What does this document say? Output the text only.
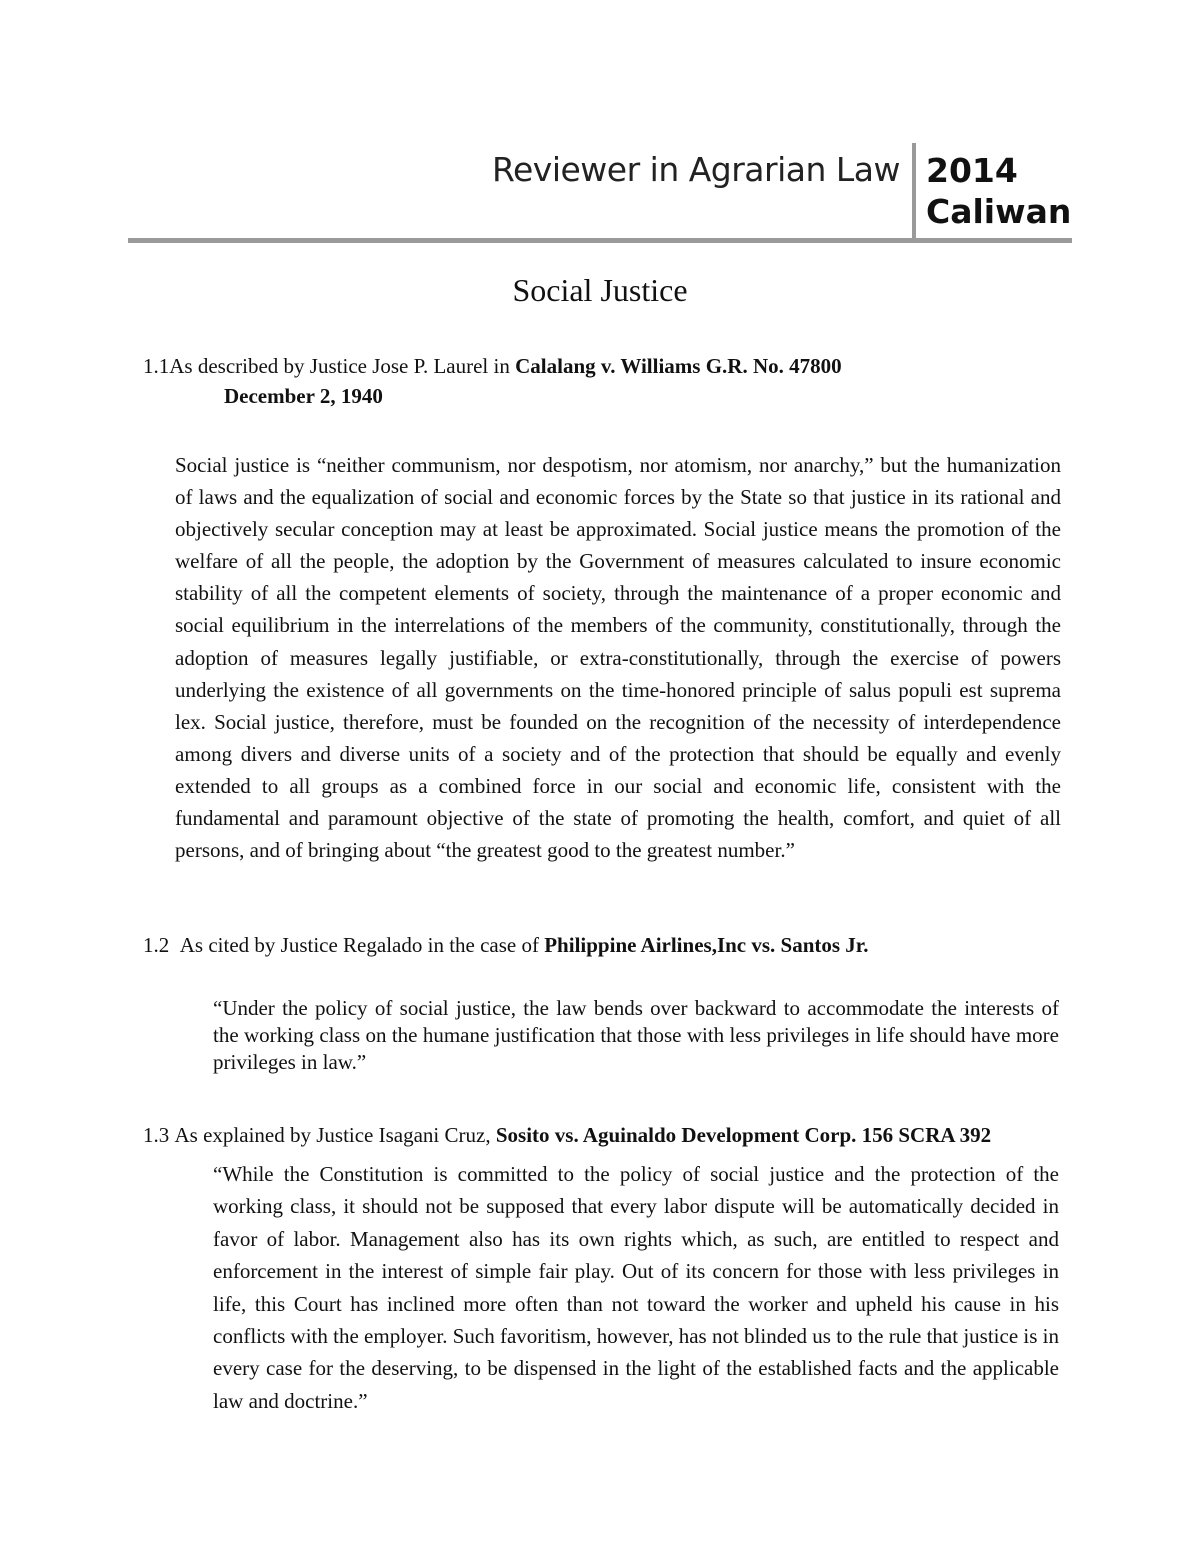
Reviewer in Agrarian Law 2014
Caliwan
Social Justice
1.1As described by Justice Jose P. Laurel in Calalang v. Williams G.R. No. 47800
December 2, 1940
Social justice is “neither communism, nor despotism, nor atomism, nor anarchy,” but the humanization of laws and the equalization of social and economic forces by the State so that justice in its rational and objectively secular conception may at least be approximated. Social justice means the promotion of the welfare of all the people, the adoption by the Government of measures calculated to insure economic stability of all the competent elements of society, through the maintenance of a proper economic and social equilibrium in the interrelations of the members of the community, constitutionally, through the adoption of measures legally justifiable, or extra-constitutionally, through the exercise of powers underlying the existence of all governments on the time-honored principle of salus populi est suprema lex. Social justice, therefore, must be founded on the recognition of the necessity of interdependence among divers and diverse units of a society and of the protection that should be equally and evenly extended to all groups as a combined force in our social and economic life, consistent with the fundamental and paramount objective of the state of promoting the health, comfort, and quiet of all persons, and of bringing about “the greatest good to the greatest number.”
1.2 As cited by Justice Regalado in the case of Philippine Airlines,Inc vs. Santos Jr.
“Under the policy of social justice, the law bends over backward to accommodate the interests of the working class on the humane justification that those with less privileges in life should have more privileges in law.”
1.3 As explained by Justice Isagani Cruz, Sosito vs. Aguinaldo Development Corp. 156 SCRA 392
“While the Constitution is committed to the policy of social justice and the protection of the working class, it should not be supposed that every labor dispute will be automatically decided in favor of labor. Management also has its own rights which, as such, are entitled to respect and enforcement in the interest of simple fair play. Out of its concern for those with less privileges in life, this Court has inclined more often than not toward the worker and upheld his cause in his conflicts with the employer. Such favoritism, however, has not blinded us to the rule that justice is in every case for the deserving, to be dispensed in the light of the established facts and the applicable law and doctrine.”
